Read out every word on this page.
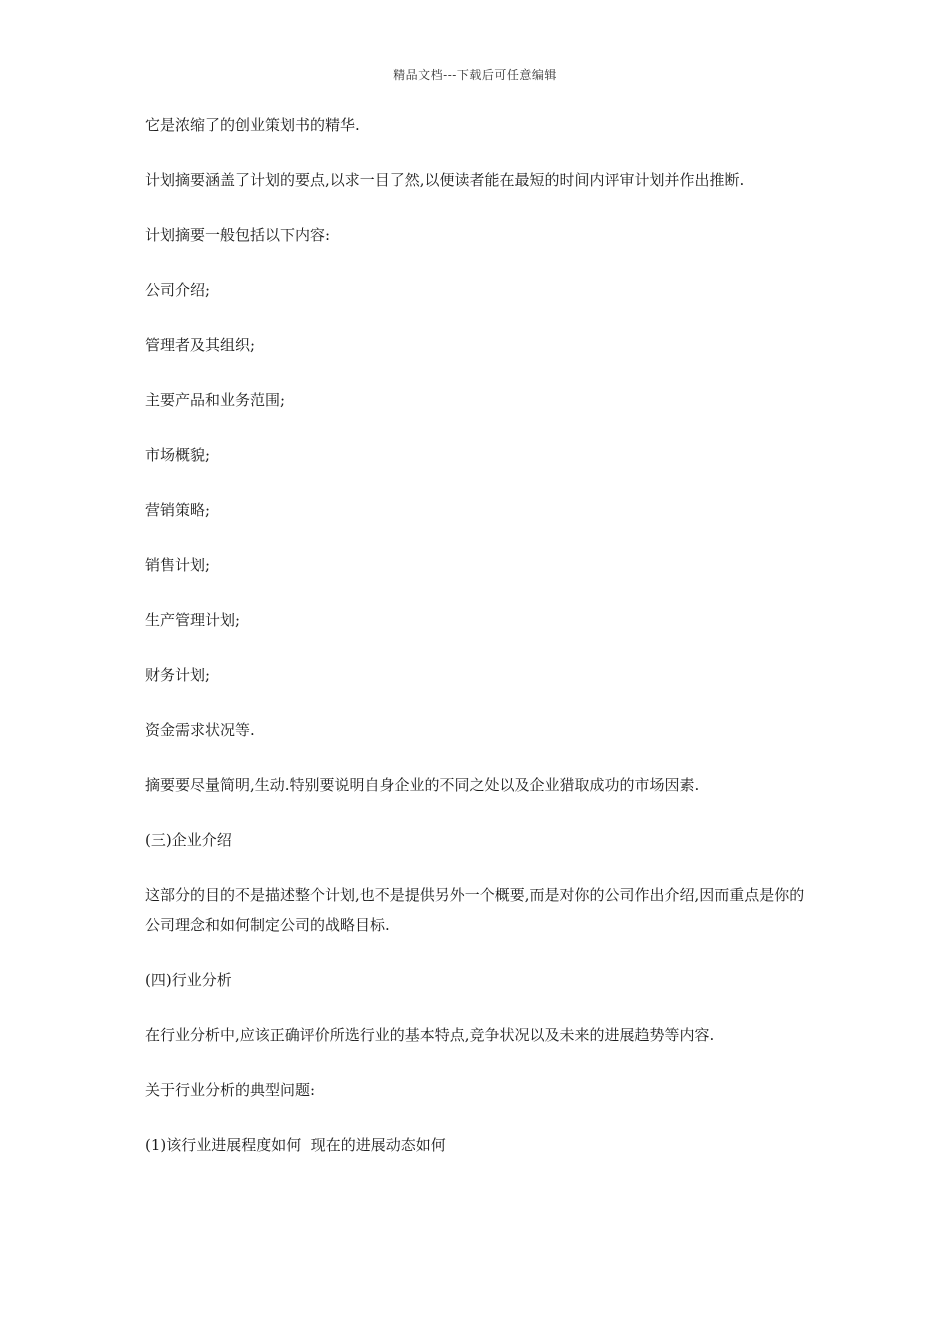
精品文档---下载后可任意编辑

它是浓缩了的创业策划书的精华.

计划摘要涵盖了计划的要点,以求一目了然,以便读者能在最短的时间内评审计划并作出推断.

计划摘要一般包括以下内容:

公司介绍;

管理者及其组织;

主要产品和业务范围;

市场概貌;

营销策略;

销售计划;

生产管理计划;

财务计划;

资金需求状况等.

摘要要尽量简明,生动.特别要说明自身企业的不同之处以及企业猎取成功的市场因素.

(三)企业介绍

这部分的目的不是描述整个计划,也不是提供另外一个概要,而是对你的公司作出介绍,因而重点是你的公司理念和如何制定公司的战略目标.

(四)行业分析

在行业分析中,应该正确评价所选行业的基本特点,竞争状况以及未来的进展趋势等内容.

关于行业分析的典型问题:

(1)该行业进展程度如何  现在的进展动态如何
